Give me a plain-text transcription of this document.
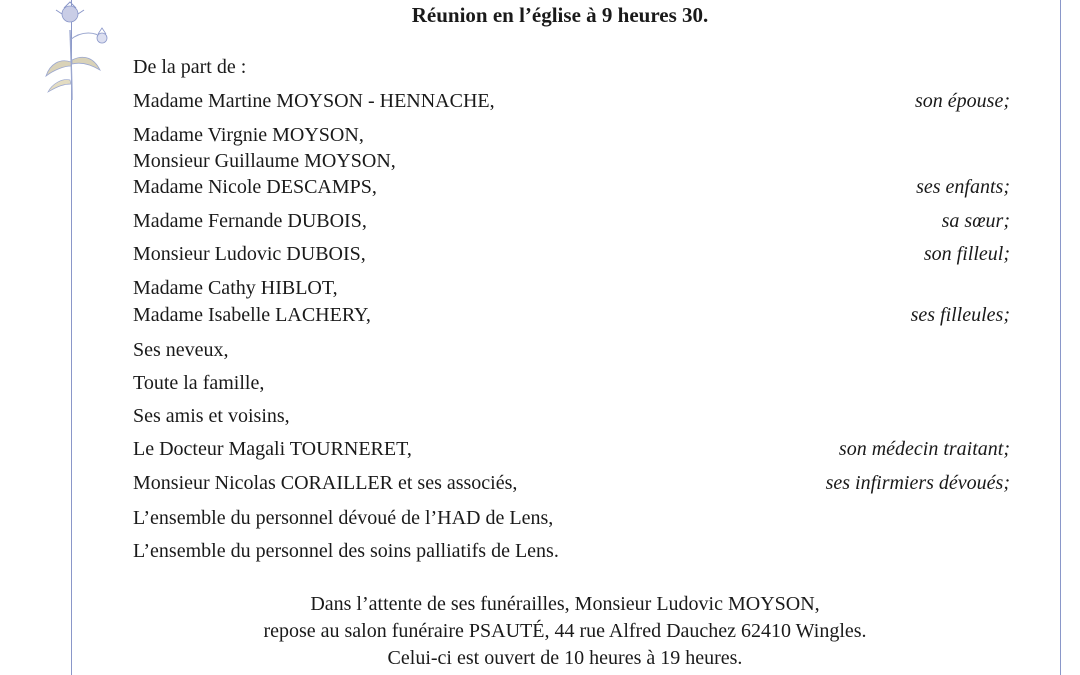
Réunion en l’église à 9 heures 30.
De la part de :
Madame Martine MOYSON - HENNACHE,	son épouse;
Madame Virgnie MOYSON,
Monsieur Guillaume MOYSON,
Madame Nicole DESCAMPS,	ses enfants;
Madame Fernande DUBOIS,	sa sœur;
Monsieur Ludovic DUBOIS,	son filleul;
Madame Cathy HIBLOT,
Madame Isabelle LACHERY,	ses filleules;
Ses neveux,
Toute la famille,
Ses amis et voisins,
Le Docteur Magali TOURNERET,	son médecin traitant;
Monsieur Nicolas CORAILLER et ses associés,	ses infirmiers dévoués;
L’ensemble du personnel dévoué de l’HAD de Lens,
L’ensemble du personnel des soins palliatifs de Lens.
Dans l’attente de ses funérailles, Monsieur Ludovic MOYSON,
repose au salon funéraire PSAUTÉ, 44 rue Alfred Dauchez 62410 Wingles.
Celui-ci est ouvert de 10 heures à 19 heures.
